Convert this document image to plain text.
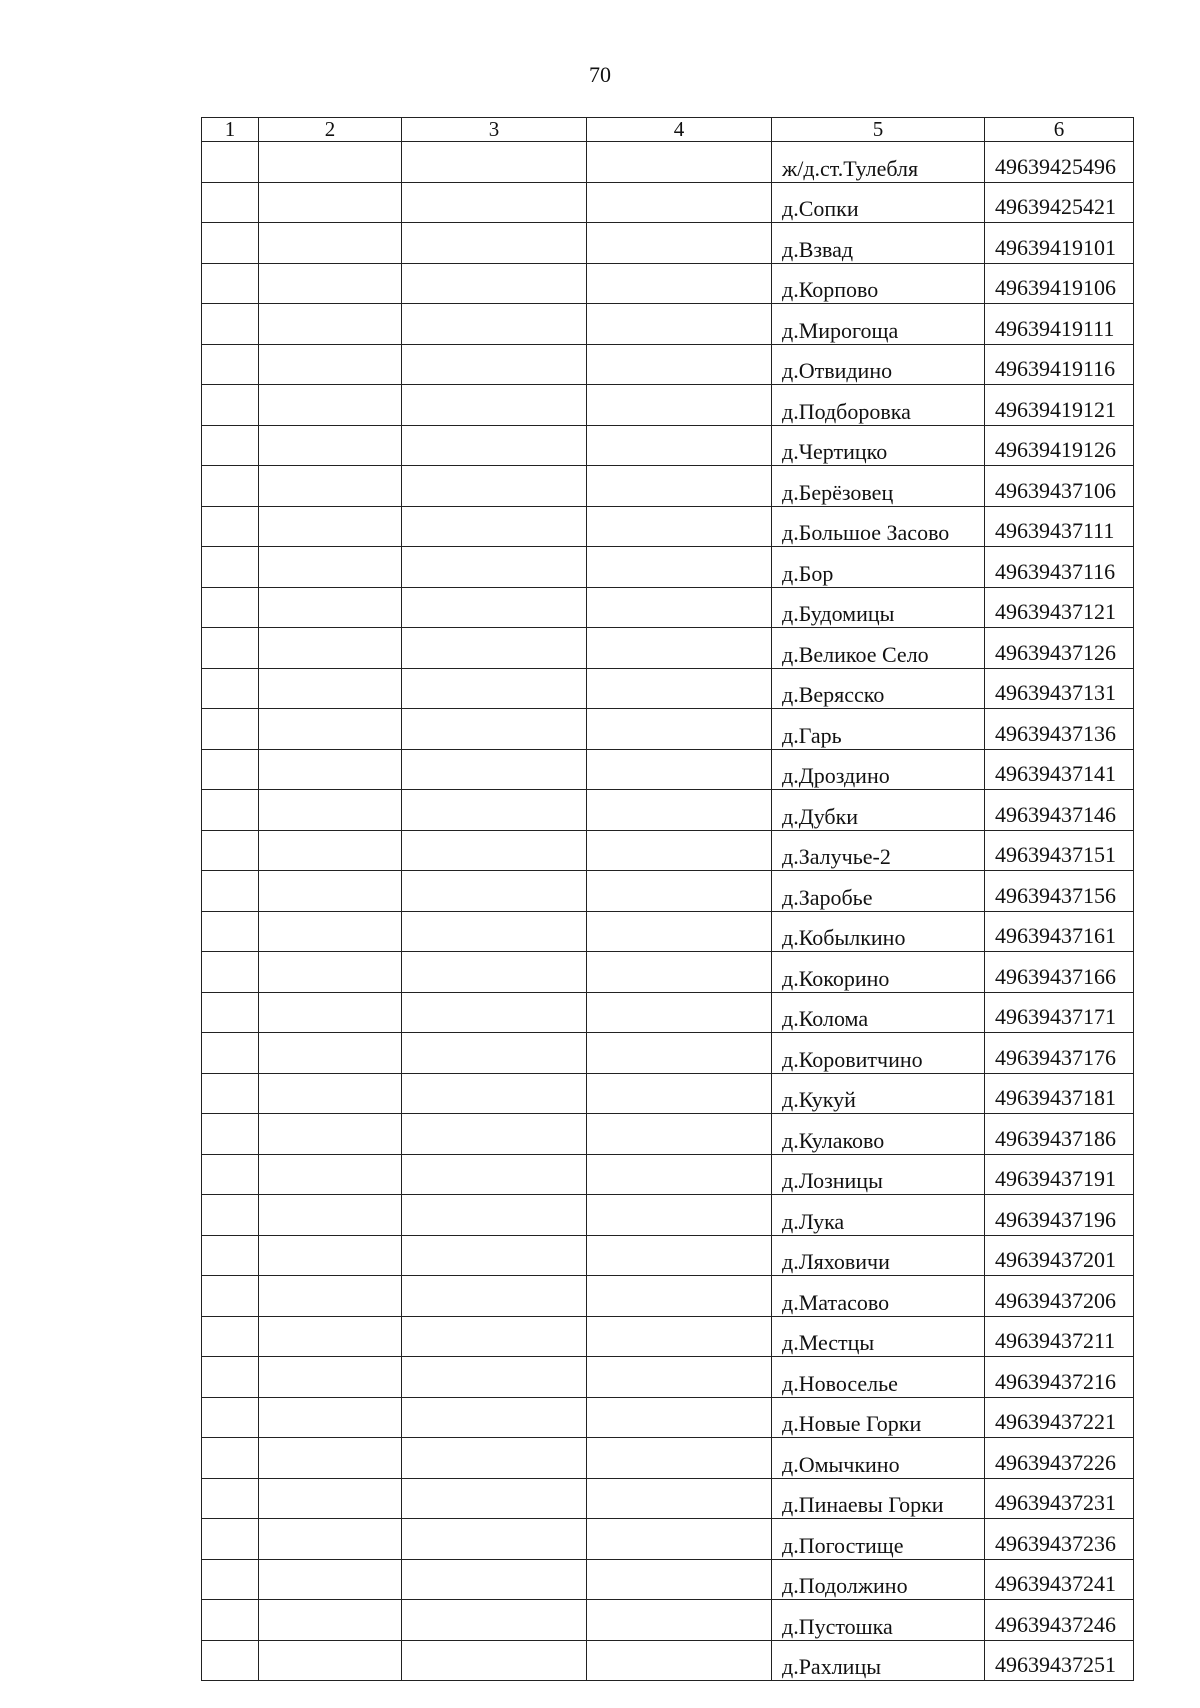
70
1	2	3	4	5	6
				ж/д.ст.Тулебля	49639425496
				д.Сопки	49639425421
				д.Взвад	49639419101
				д.Корпово	49639419106
				д.Мирогоща	49639419111
				д.Отвидино	49639419116
				д.Подборовка	49639419121
				д.Чертицко	49639419126
				д.Берёзовец	49639437106
				д.Большое Засово	49639437111
				д.Бор	49639437116
				д.Будомицы	49639437121
				д.Великое Село	49639437126
				д.Верясско	49639437131
				д.Гарь	49639437136
				д.Дроздино	49639437141
				д.Дубки	49639437146
				д.Залучье-2	49639437151
				д.Заробье	49639437156
				д.Кобылкино	49639437161
				д.Кокорино	49639437166
				д.Колома	49639437171
				д.Коровитчино	49639437176
				д.Кукуй	49639437181
				д.Кулаково	49639437186
				д.Лозницы	49639437191
				д.Лука	49639437196
				д.Ляховичи	49639437201
				д.Матасово	49639437206
				д.Местцы	49639437211
				д.Новоселье	49639437216
				д.Новые Горки	49639437221
				д.Омычкино	49639437226
				д.Пинаевы Горки	49639437231
				д.Погостище	49639437236
				д.Подолжино	49639437241
				д.Пустошка	49639437246
				д.Рахлицы	49639437251
